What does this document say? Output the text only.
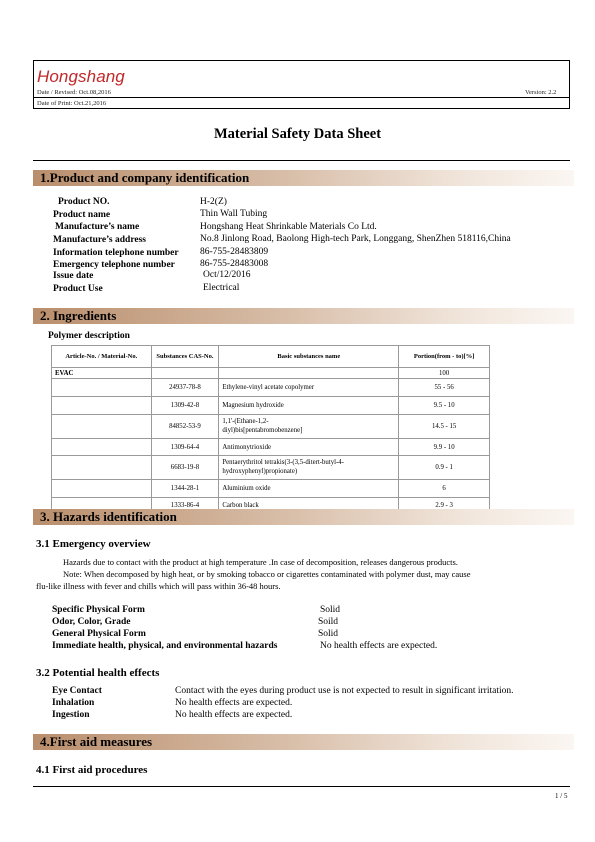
Hongshang
Date / Revised: Oct.08,2016	Version: 2.2
Date of Print: Oct.21,2016
Material Safety Data Sheet
1.Product and company identification
Product NO.	H-2(Z)
Product name	Thin Wall Tubing
Manufacture’s name	Hongshang Heat Shrinkable Materials Co Ltd.
Manufacture’s address	No.8 Jinlong Road, Baolong High-tech Park, Longgang, ShenZhen 518116,China
Information telephone number 86-755-28483809
Emergency telephone number	86-755-28483008
Issue date	Oct/12/2016
Product Use	Electrical
2. Ingredients
Polymer description
Article-No. / Material-No.	Substances CAS-No.	Basic substances name	Portion(from - to)[%]
EVAC			100
	24937-78-8	Ethylene-vinyl acetate copolymer	55 - 56
	1309-42-8	Magnesium hydroxide	9.5 - 10
	84852-53-9	1,1'-(Ethane-1,2-diyl)bis[pentabromobenzene]	14.5 - 15
	1309-64-4	Antimonytrioxide	9.9 - 10
	6683-19-8	Pentaerythritol tetrakis(3-(3,5-ditert-butyl-4-hydroxyphenyl)propionate)	0.9 - 1
	1344-28-1	Aluminium oxide	6
	1333-86-4	Carbon black	2.9 - 3
3. Hazards identification
3.1 Emergency overview
Hazards due to contact with the product at high temperature .In case of decomposition, releases dangerous products.
Note: When decomposed by high heat, or by smoking tobacco or cigarettes contaminated with polymer dust, may cause
flu-like illness with fever and chills which will pass within 36-48 hours.
Specific Physical Form	Solid
Odor, Color, Grade	Soild
General Physical Form	Solid
Immediate health, physical, and environmental hazards	No health effects are expected.
3.2 Potential health effects
Eye Contact	Contact with the eyes during product use is not expected to result in significant irritation.
Inhalation	No health effects are expected.
Ingestion	No health effects are expected.
4.First aid measures
4.1 First aid procedures
1 / 5
